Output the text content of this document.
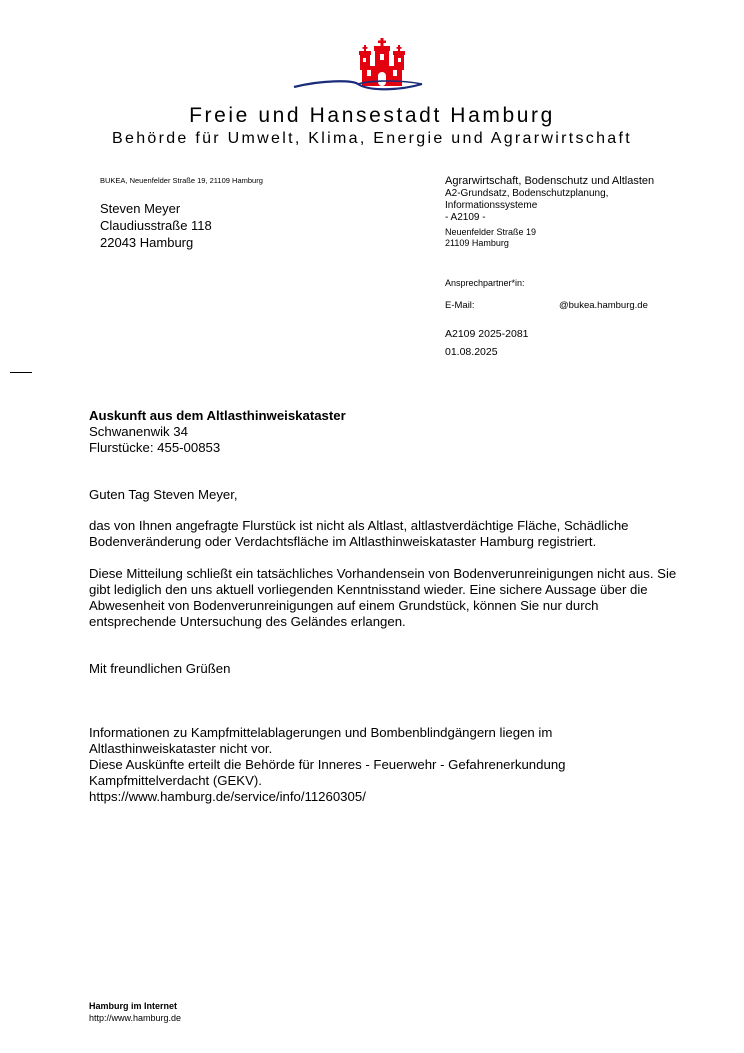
Freie und Hansestadt Hamburg
Behörde für Umwelt, Klima, Energie und Agrarwirtschaft
BUKEA, Neuenfelder Straße 19, 21109 Hamburg
Steven Meyer
Claudiusstraße 118
22043 Hamburg
Agrarwirtschaft, Bodenschutz und Altlasten
A2-Grundsatz, Bodenschutzplanung,
Informationssysteme
- A2109 -
Neuenfelder Straße 19
21109 Hamburg
Ansprechpartner*in:
E-Mail:	@bukea.hamburg.de
A2109 2025-2081
01.08.2025
Auskunft aus dem Altlasthinweiskataster
Schwanenwik 34
Flurstücke: 455-00853
Guten Tag Steven Meyer,
das von Ihnen angefragte Flurstück ist nicht als Altlast, altlastverdächtige Fläche, Schädliche Bodenveränderung oder Verdachtsfläche im Altlasthinweiskataster Hamburg registriert.
Diese Mitteilung schließt ein tatsächliches Vorhandensein von Bodenverunreinigungen nicht aus. Sie gibt lediglich den uns aktuell vorliegenden Kenntnisstand wieder. Eine sichere Aussage über die Abwesenheit von Bodenverunreinigungen auf einem Grundstück, können Sie nur durch entsprechende Untersuchung des Geländes erlangen.
Mit freundlichen Grüßen
Informationen zu Kampfmittelablagerungen und Bombenblindgängern liegen im
Altlasthinweiskataster nicht vor.
Diese Auskünfte erteilt die Behörde für Inneres - Feuerwehr - Gefahrenerkundung
Kampfmittelverdacht (GEKV).
https://www.hamburg.de/service/info/11260305/
Hamburg im Internet
http://www.hamburg.de
